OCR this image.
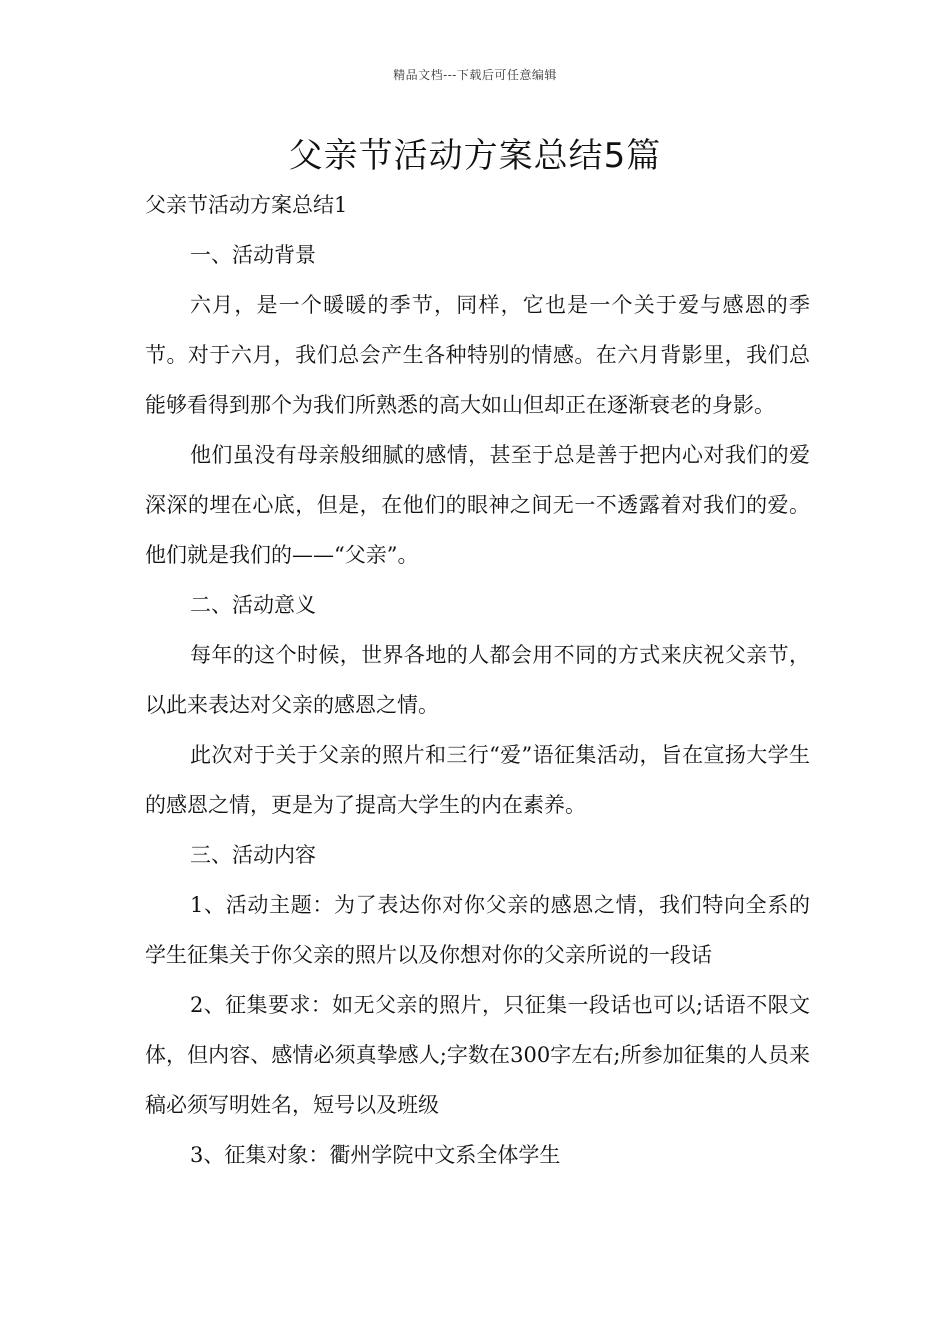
精品文档---下载后可任意编辑
父亲节活动方案总结5篇

父亲节活动方案总结1

一、活动背景

六月，是一个暖暖的季节，同样，它也是一个关于爱与感恩的季节。对于六月，我们总会产生各种特别的情感。在六月背影里，我们总能够看得到那个为我们所熟悉的高大如山但却正在逐渐衰老的身影。

他们虽没有母亲般细腻的感情，甚至于总是善于把内心对我们的爱深深的埋在心底，但是，在他们的眼神之间无一不透露着对我们的爱。他们就是我们的——“父亲”。

二、活动意义

每年的这个时候，世界各地的人都会用不同的方式来庆祝父亲节，以此来表达对父亲的感恩之情。

此次对于关于父亲的照片和三行“爱”语征集活动，旨在宣扬大学生的感恩之情，更是为了提高大学生的内在素养。

三、活动内容

1、活动主题：为了表达你对你父亲的感恩之情，我们特向全系的学生征集关于你父亲的照片以及你想对你的父亲所说的一段话

2、征集要求：如无父亲的照片，只征集一段话也可以;话语不限文体，但内容、感情必须真挚感人;字数在300字左右;所参加征集的人员来稿必须写明姓名，短号以及班级

3、征集对象：衢州学院中文系全体学生
